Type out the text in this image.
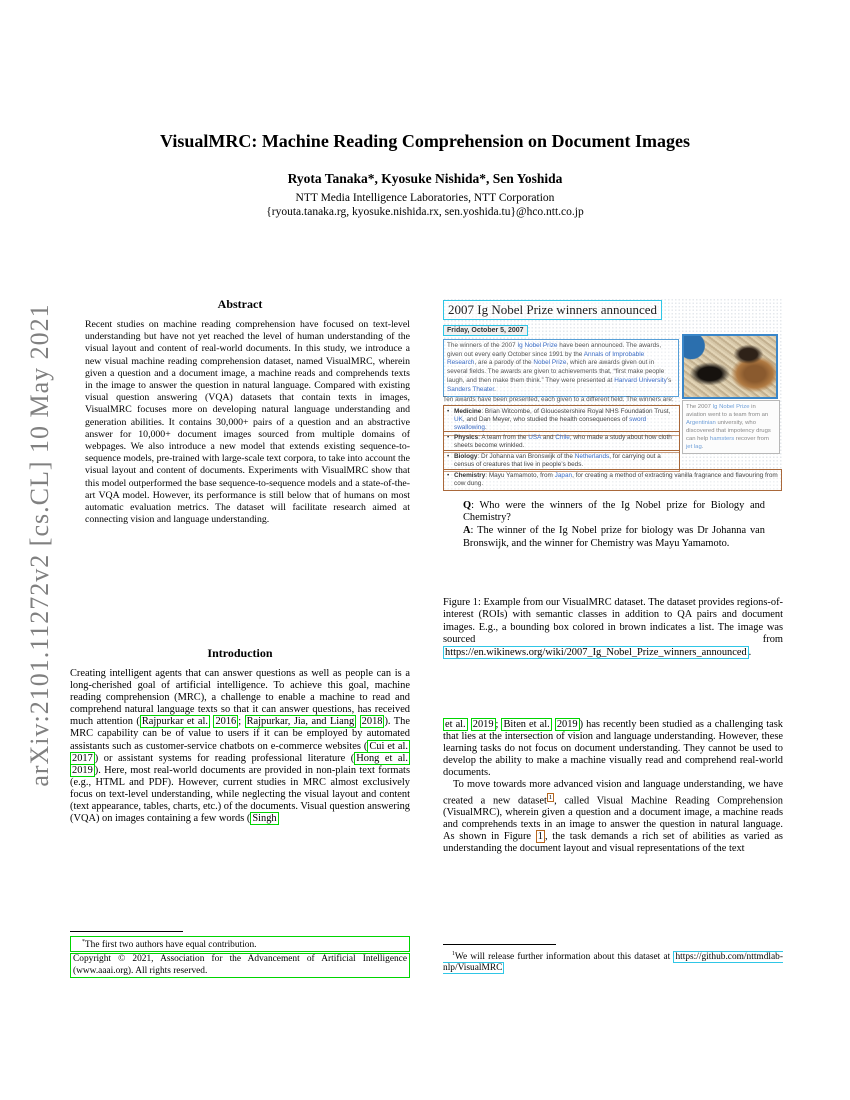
arXiv:2101.11272v2 [cs.CL] 10 May 2021
VisualMRC: Machine Reading Comprehension on Document Images
Ryota Tanaka*, Kyosuke Nishida*, Sen Yoshida
NTT Media Intelligence Laboratories, NTT Corporation
{ryouta.tanaka.rg, kyosuke.nishida.rx, sen.yoshida.tu}@hco.ntt.co.jp
Abstract
Recent studies on machine reading comprehension have focused on text-level understanding but have not yet reached the level of human understanding of the visual layout and content of real-world documents. In this study, we introduce a new visual machine reading comprehension dataset, named VisualMRC, wherein given a question and a document image, a machine reads and comprehends texts in the image to answer the question in natural language. Compared with existing visual question answering (VQA) datasets that contain texts in images, VisualMRC focuses more on developing natural language understanding and generation abilities. It contains 30,000+ pairs of a question and an abstractive answer for 10,000+ document images sourced from multiple domains of webpages. We also introduce a new model that extends existing sequence-to-sequence models, pre-trained with large-scale text corpora, to take into account the visual layout and content of documents. Experiments with VisualMRC show that this model outperformed the base sequence-to-sequence models and a state-of-the-art VQA model. However, its performance is still below that of humans on most automatic evaluation metrics. The dataset will facilitate research aimed at connecting vision and language understanding.
Introduction
Creating intelligent agents that can answer questions as well as people can is a long-cherished goal of artificial intelligence. To achieve this goal, machine reading comprehension (MRC), a challenge to enable a machine to read and comprehend natural language texts so that it can answer questions, has received much attention ( Rajpurkar et al. 2016 ; Rajpurkar, Jia, and Liang 2018 ). The MRC capability can be of value to users if it can be employed by automated assistants such as customer-service chatbots on e-commerce websites ( Cui et al. 2017 ) or assistant systems for reading professional literature ( Hong et al. 2019 ). Here, most real-world documents are provided in non-plain text formats (e.g., HTML and PDF). However, current studies in MRC almost exclusively focus on text-level understanding, while neglecting the visual layout and content (text appearance, tables, charts, etc.) of the documents. Visual question answering (VQA) on images containing a few words ( Singh
*The first two authors have equal contribution.
Copyright © 2021, Association for the Advancement of Artificial Intelligence (www.aaai.org). All rights reserved.
2007 Ig Nobel Prize winners announced
Friday, October 5, 2007
The winners of the 2007 Ig Nobel Prize have been announced. The awards, given out every early October since 1991 by the Annals of Improbable Research, are a parody of the Nobel Prize, which are awards given out in several fields. The awards are given to achievements that, “first make people laugh, and then make them think.” They were presented at Harvard University’s Sanders Theater.
Ten awards have been presented, each given to a different field. The winners are:
• Medicine: Brian Witcombe, of Gloucestershire Royal NHS Foundation Trust, UK, and Dan Meyer, who studied the health consequences of sword swallowing.
• Physics: A team from the USA and Chile, who made a study about how cloth sheets become wrinkled.
• Biology: Dr Johanna van Bronswijk of the Netherlands, for carrying out a census of creatures that live in people’s beds.
• Chemistry: Mayu Yamamoto, from Japan, for creating a method of extracting vanilla fragrance and flavouring from cow dung.
The 2007 Ig Nobel Prize in aviation went to a team from an Argentinian university, who discovered that impotency drugs can help hamsters recover from jet lag.
Q: Who were the winners of the Ig Nobel prize for Biology and Chemistry?
A: The winner of the Ig Nobel prize for biology was Dr Johanna van Bronswijk, and the winner for Chemistry was Mayu Yamamoto.
Figure 1: Example from our VisualMRC dataset. The dataset provides regions-of-interest (ROIs) with semantic classes in addition to QA pairs and document images. E.g., a bounding box colored in brown indicates a list. The image was sourced from https://en.wikinews.org/wiki/2007_Ig_Nobel_Prize_winners_announced .
et al. 2019 ; Biten et al. 2019 ) has recently been studied as a challenging task that lies at the intersection of vision and language understanding. However, these learning tasks do not focus on document understanding. They cannot be used to develop the ability to make a machine visually read and comprehend real-world documents.
To move towards more advanced vision and language understanding, we have created a new dataset $^1$ , called Visual Machine Reading Comprehension (VisualMRC), wherein given a question and a document image, a machine reads and comprehends texts in an image to answer the question in natural language. As shown in Figure 1 , the task demands a rich set of abilities as varied as understanding the document layout and visual representations of the text
$^1$We will release further information about this dataset at https://github.com/nttmdlab-nlp/VisualMRC
